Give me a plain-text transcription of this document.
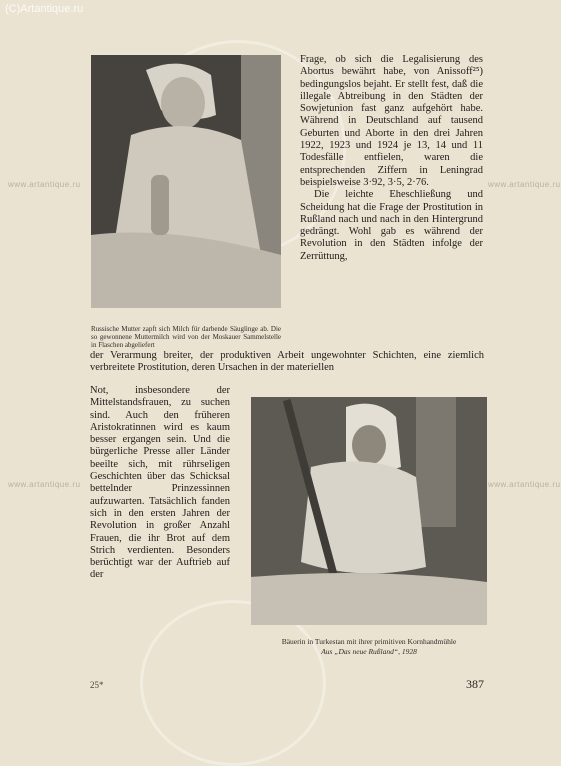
(C)Artantique.ru
www.artantique.ru	www.artantique.ru
www.artantique.ru	www.artantique.ru
Russische Mutter zapft sich Milch für darbende Säuglinge ab. Die so gewonnene Muttermilch wird von der Moskauer Sammelstelle in Flaschen abgeliefert

Frage, ob sich die Legalisierung des Abortus bewährt habe, von Anissoff²⁵) bedingungslos bejaht. Er stellt fest, daß die illegale Abtreibung in den Städten der Sowjetunion fast ganz aufgehört habe. Während in Deutschland auf tausend Geburten und Aborte in den drei Jahren 1922, 1923 und 1924 je 13, 14 und 11 Todesfälle entfielen, waren die entsprechenden Ziffern in Leningrad beispielsweise 3·92, 3·5, 2·76.

Die leichte Eheschließung und Scheidung hat die Frage der Prostitution in Rußland nach und nach in den Hintergrund gedrängt. Wohl gab es während der Revolution in den Städten infolge der Zerrüttung,

der Verarmung breiter, der produktiven Arbeit ungewohnter Schichten, eine ziemlich verbreitete Prostitution, deren Ursachen in der materiellen

Not, insbesondere der Mittelstandsfrauen, zu suchen sind. Auch den früheren Aristokratinnen wird es kaum besser ergangen sein. Und die bürgerliche Presse aller Länder beeilte sich, mit rührseligen Geschichten über das Schicksal bettelnder Prinzessinnen aufzuwarten. Tatsächlich fanden sich in den ersten Jahren der Revolution in großer Anzahl Frauen, die ihr Brot auf dem Strich verdienten. Besonders berüchtigt war der Auftrieb auf der

Bäuerin in Turkestan mit ihrer primitiven Kornhandmühle
Aus „Das neue Rußland“, 1928
25*	387
